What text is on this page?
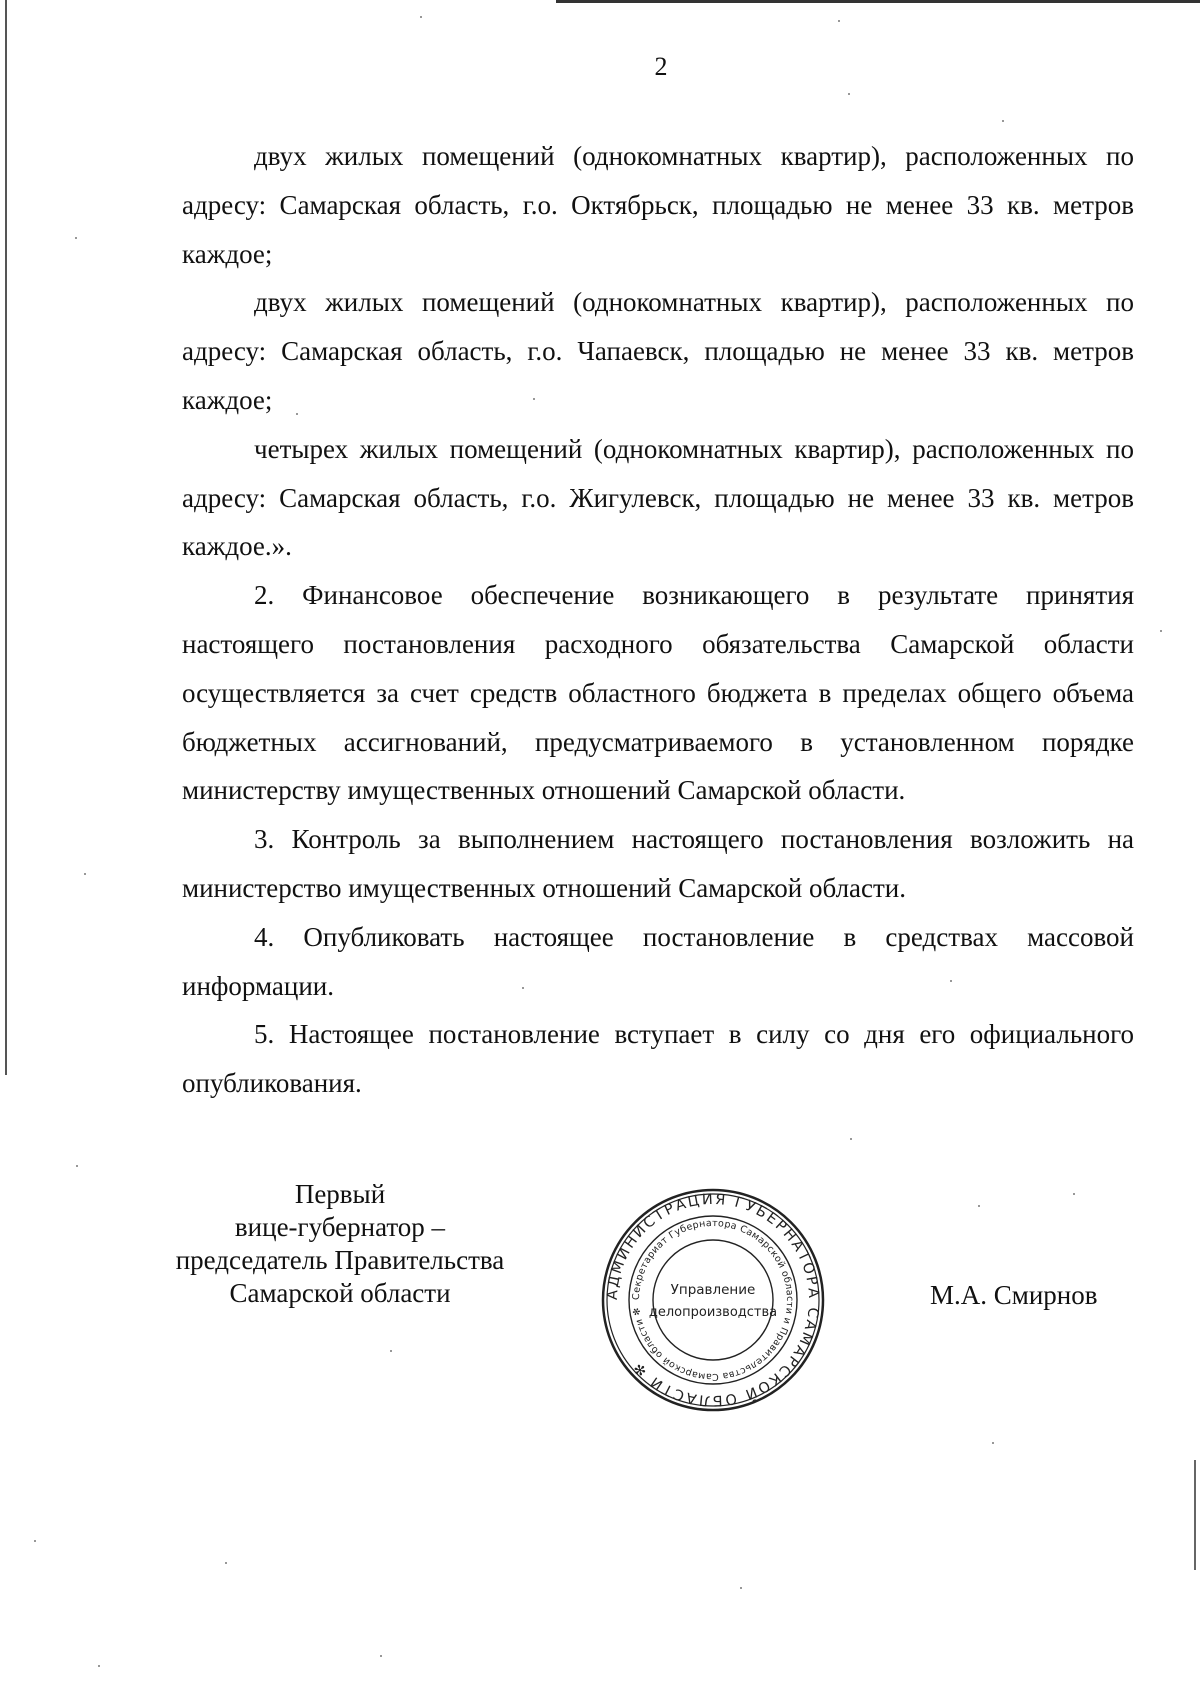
2

двух жилых помещений (однокомнатных квартир), расположенных по адресу: Самарская область, г.о. Октябрьск, площадью не менее 33 кв. метров каждое;

двух жилых помещений (однокомнатных квартир), расположенных по адресу: Самарская область, г.о. Чапаевск, площадью не менее 33 кв. метров каждое;

четырех жилых помещений (однокомнатных квартир), расположенных по адресу: Самарская область, г.о. Жигулевск, площадью не менее 33 кв. метров каждое.».

2. Финансовое обеспечение возникающего в результате принятия настоящего постановления расходного обязательства Самарской области осуществляется за счет средств областного бюджета в пределах общего объема бюджетных ассигнований, предусматриваемого в установленном порядке министерству имущественных отношений Самарской области.

3. Контроль за выполнением настоящего постановления возложить на министерство имущественных отношений Самарской области.

4. Опубликовать настоящее постановление в средствах массовой информации.

5. Настоящее постановление вступает в силу со дня его официального опубликования.

Первый
вице-губернатор –
председатель Правительства
Самарской области	АДМИНИСТРАЦИЯ ГУБЕРНАТОРА САМАРСКОЙ ОБЛАСТИ ✻
Секретариат Губернатора Самарской области и Правительства Самарской области ✻
Управление
делопроизводства
М.А. Смирнов
